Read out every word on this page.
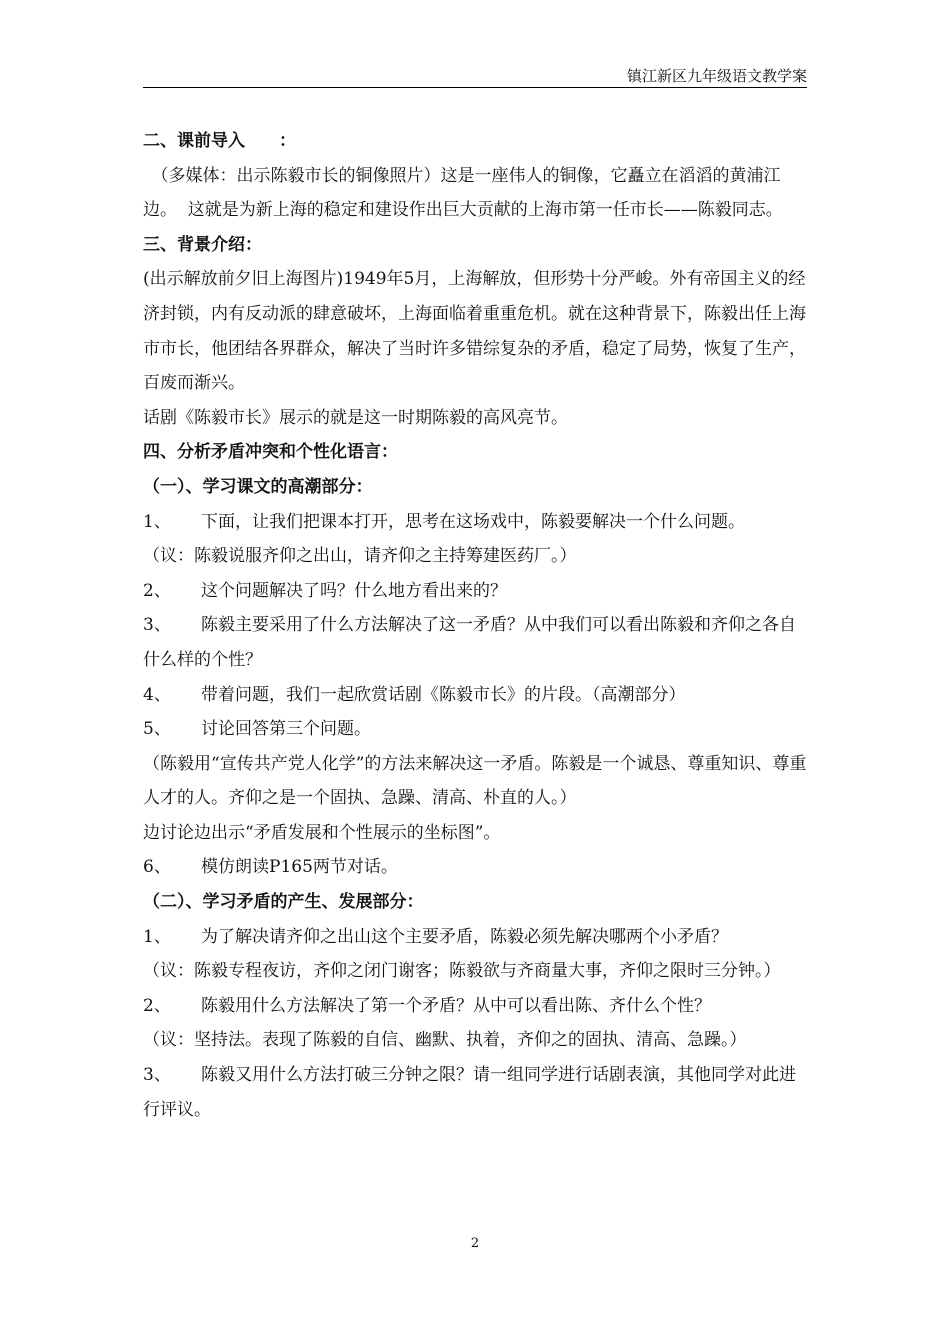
镇江新区九年级语文教学案

二、课前导入　　：

　（多媒体：出示陈毅市长的铜像照片）这是一座伟人的铜像，它矗立在滔滔的黄浦江边。  这就是为新上海的稳定和建设作出巨大贡献的上海市第一任市长——陈毅同志。

三、背景介绍：

(出示解放前夕旧上海图片)1949年5月，上海解放，但形势十分严峻。外有帝国主义的经济封锁，内有反动派的肆意破坏，上海面临着重重危机。就在这种背景下，陈毅出任上海市市长，他团结各界群众，解决了当时许多错综复杂的矛盾，稳定了局势，恢复了生产，百废而渐兴。

话剧《陈毅市长》展示的就是这一时期陈毅的高风亮节。

四、分析矛盾冲突和个性化语言：

（一）、学习课文的高潮部分：

1、 下面，让我们把课本打开，思考在这场戏中，陈毅要解决一个什么问题。

（议：陈毅说服齐仰之出山，请齐仰之主持筹建医药厂。）

2、 这个问题解决了吗？什么地方看出来的？

3、 陈毅主要采用了什么方法解决了这一矛盾？从中我们可以看出陈毅和齐仰之各自什么样的个性？

4、 带着问题，我们一起欣赏话剧《陈毅市长》的片段。（高潮部分）

5、 讨论回答第三个问题。

（陈毅用“宣传共产党人化学”的方法来解决这一矛盾。陈毅是一个诚恳、尊重知识、尊重人才的人。齐仰之是一个固执、急躁、清高、朴直的人。）

边讨论边出示“矛盾发展和个性展示的坐标图”。

6、 模仿朗读P165两节对话。

（二）、学习矛盾的产生、发展部分：

1、 为了解决请齐仰之出山这个主要矛盾，陈毅必须先解决哪两个小矛盾？

（议：陈毅专程夜访，齐仰之闭门谢客；陈毅欲与齐商量大事，齐仰之限时三分钟。）

2、 陈毅用什么方法解决了第一个矛盾？从中可以看出陈、齐什么个性？

（议：坚持法。表现了陈毅的自信、幽默、执着，齐仰之的固执、清高、急躁。）

3、 陈毅又用什么方法打破三分钟之限？请一组同学进行话剧表演，其他同学对此进行评议。

2
